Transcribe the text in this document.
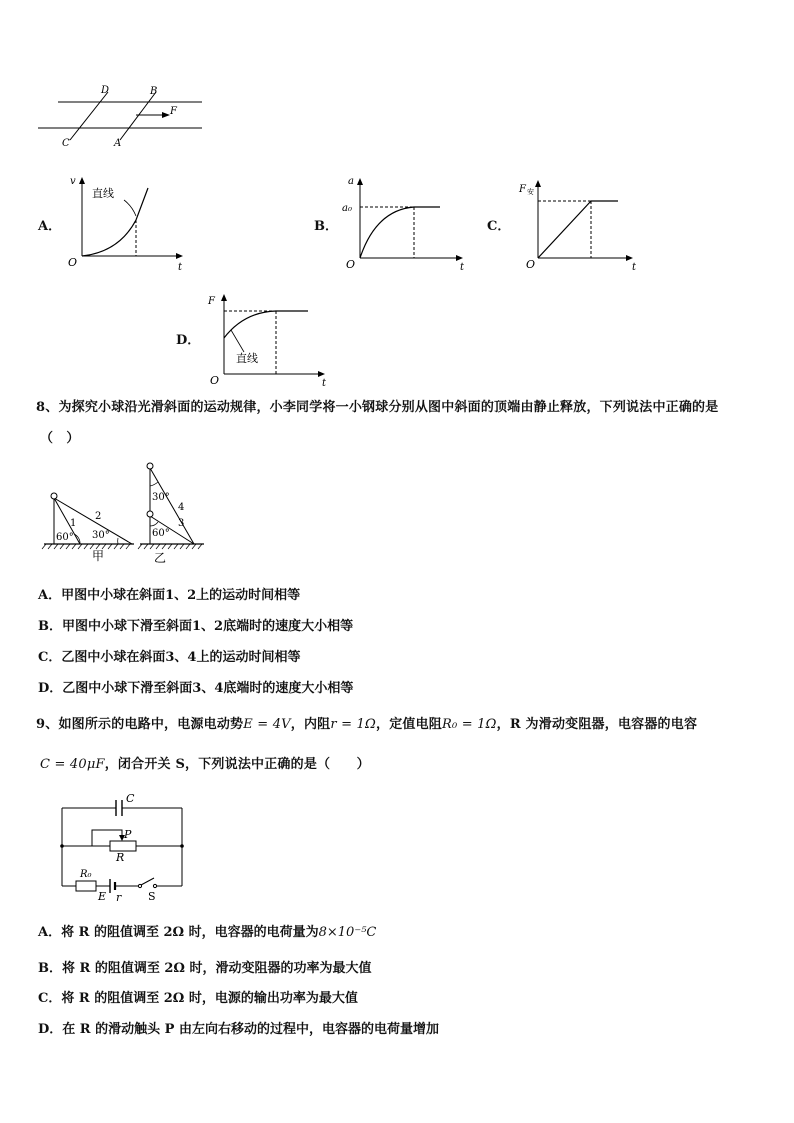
D	B
C	A
F
A．
v
t
O
直线
B．
a
a₀
t
O
C．
F 安
t
O
D．
F
t
O
直线
8、为探究小球沿光滑斜面的运动规律，小李同学将一小钢球分别从图中斜面的顶端由静止释放，下列说法中正确的是
（　）
1
2
60° 30°
甲
30°
60°
3
4
乙
A．甲图中小球在斜面1、2上的运动时间相等
B．甲图中小球下滑至斜面1、2底端时的速度大小相等
C．乙图中小球在斜面3、4上的运动时间相等
D．乙图中小球下滑至斜面3、4底端时的速度大小相等
9、如图所示的电路中，电源电动势E = 4V，内阻r = 1Ω，定值电阻R₀ = 1Ω，R 为滑动变阻器，电容器的电容
C = 40μF，闭合开关 S，下列说法中正确的是（　　）
C
P
R
R₀
E r S
A．将 R 的阻值调至 2Ω 时，电容器的电荷量为8×10⁻⁵C
B．将 R 的阻值调至 2Ω 时，滑动变阻器的功率为最大值
C．将 R 的阻值调至 2Ω 时，电源的输出功率为最大值
D．在 R 的滑动触头 P 由左向右移动的过程中，电容器的电荷量增加
